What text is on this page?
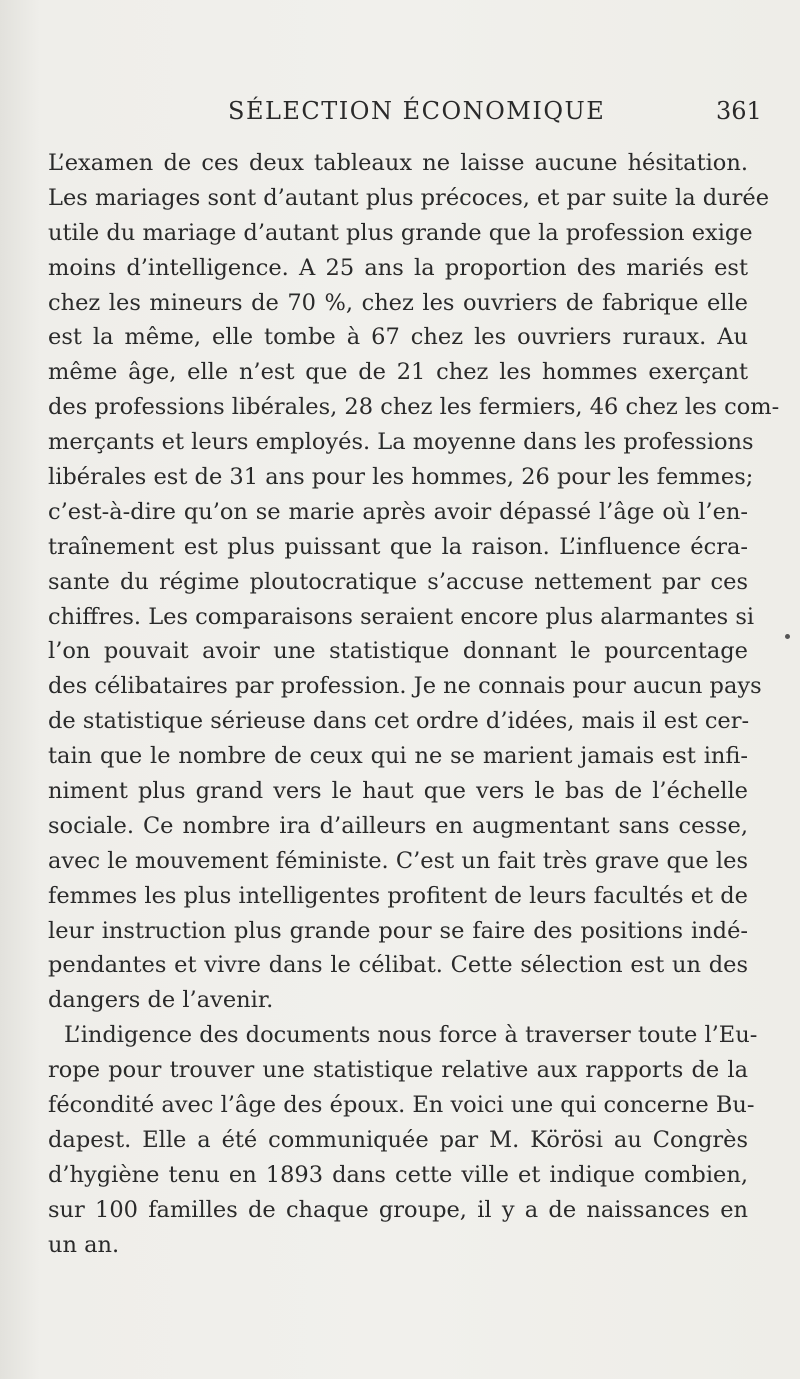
SÉLECTION ÉCONOMIQUE	361
L’examen de ces deux tableaux ne laisse aucune hésitation.
Les mariages sont d’autant plus précoces, et par suite la durée
utile du mariage d’autant plus grande que la profession exige
moins d’intelligence. A 25 ans la proportion des mariés est
chez les mineurs de 70 %, chez les ouvriers de fabrique elle
est la même, elle tombe à 67 chez les ouvriers ruraux. Au
même âge, elle n’est que de 21 chez les hommes exerçant
des professions libérales, 28 chez les fermiers, 46 chez les com-
merçants et leurs employés. La moyenne dans les professions
libérales est de 31 ans pour les hommes, 26 pour les femmes;
c’est-à-dire qu’on se marie après avoir dépassé l’âge où l’en-
traînement est plus puissant que la raison. L’influence écra-
sante du régime ploutocratique s’accuse nettement par ces
chiffres. Les comparaisons seraient encore plus alarmantes si
l’on pouvait avoir une statistique donnant le pourcentage
des célibataires par profession. Je ne connais pour aucun pays
de statistique sérieuse dans cet ordre d’idées, mais il est cer-
tain que le nombre de ceux qui ne se marient jamais est infi-
niment plus grand vers le haut que vers le bas de l’échelle
sociale. Ce nombre ira d’ailleurs en augmentant sans cesse,
avec le mouvement féministe. C’est un fait très grave que les
femmes les plus intelligentes profitent de leurs facultés et de
leur instruction plus grande pour se faire des positions indé-
pendantes et vivre dans le célibat. Cette sélection est un des
dangers de l’avenir.
L’indigence des documents nous force à traverser toute l’Eu-
rope pour trouver une statistique relative aux rapports de la
fécondité avec l’âge des époux. En voici une qui concerne Bu-
dapest. Elle a été communiquée par M. Körösi au Congrès
d’hygiène tenu en 1893 dans cette ville et indique combien,
sur 100 familles de chaque groupe, il y a de naissances en
un an.
